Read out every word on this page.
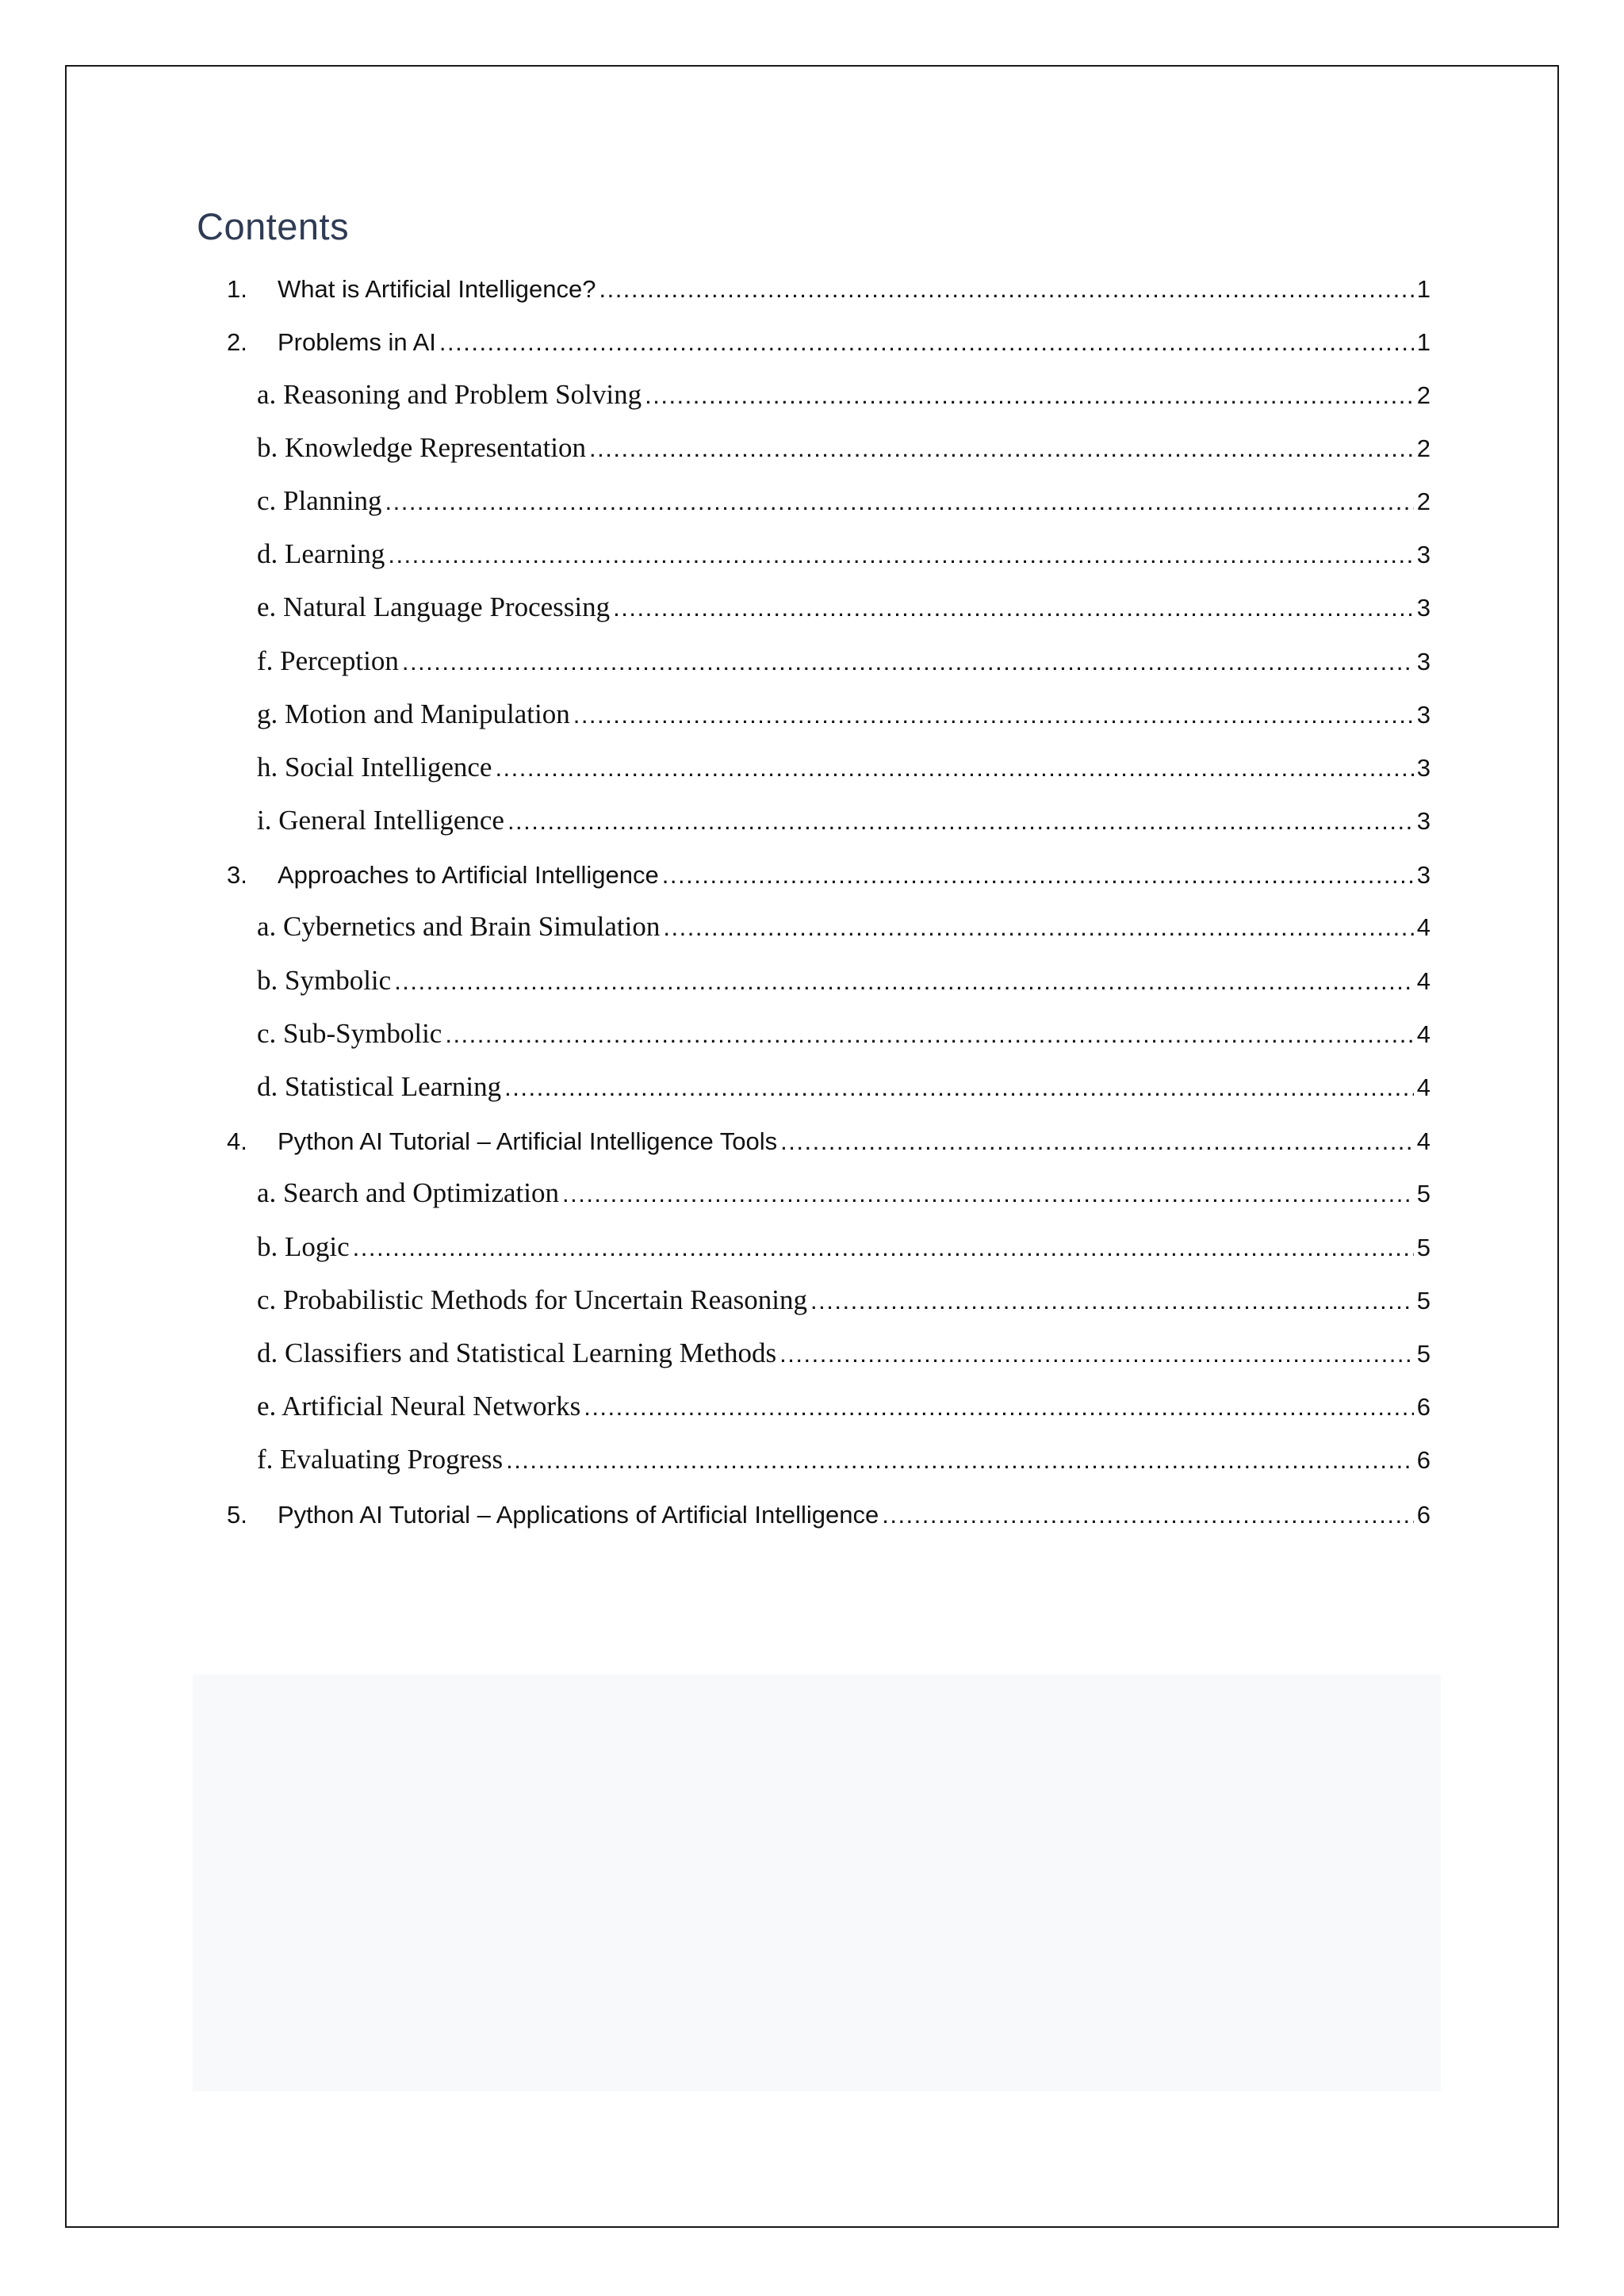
Contents
1.	What is Artificial Intelligence? .....	1
2.	Problems in AI .....	1
a. Reasoning and Problem Solving .....	2
b. Knowledge Representation .....	2
c. Planning .....	2
d. Learning .....	3
e. Natural Language Processing .....	3
f. Perception .....	3
g. Motion and Manipulation .....	3
h. Social Intelligence .....	3
i. General Intelligence .....	3
3.	Approaches to Artificial Intelligence .....	3
a. Cybernetics and Brain Simulation .....	4
b. Symbolic .....	4
c. Sub-Symbolic .....	4
d. Statistical Learning .....	4
4.	Python AI Tutorial – Artificial Intelligence Tools .....	4
a. Search and Optimization .....	5
b. Logic .....	5
c. Probabilistic Methods for Uncertain Reasoning .....	5
d. Classifiers and Statistical Learning Methods .....	5
e. Artificial Neural Networks .....	6
f. Evaluating Progress .....	6
5.	Python AI Tutorial – Applications of Artificial Intelligence .....	6
